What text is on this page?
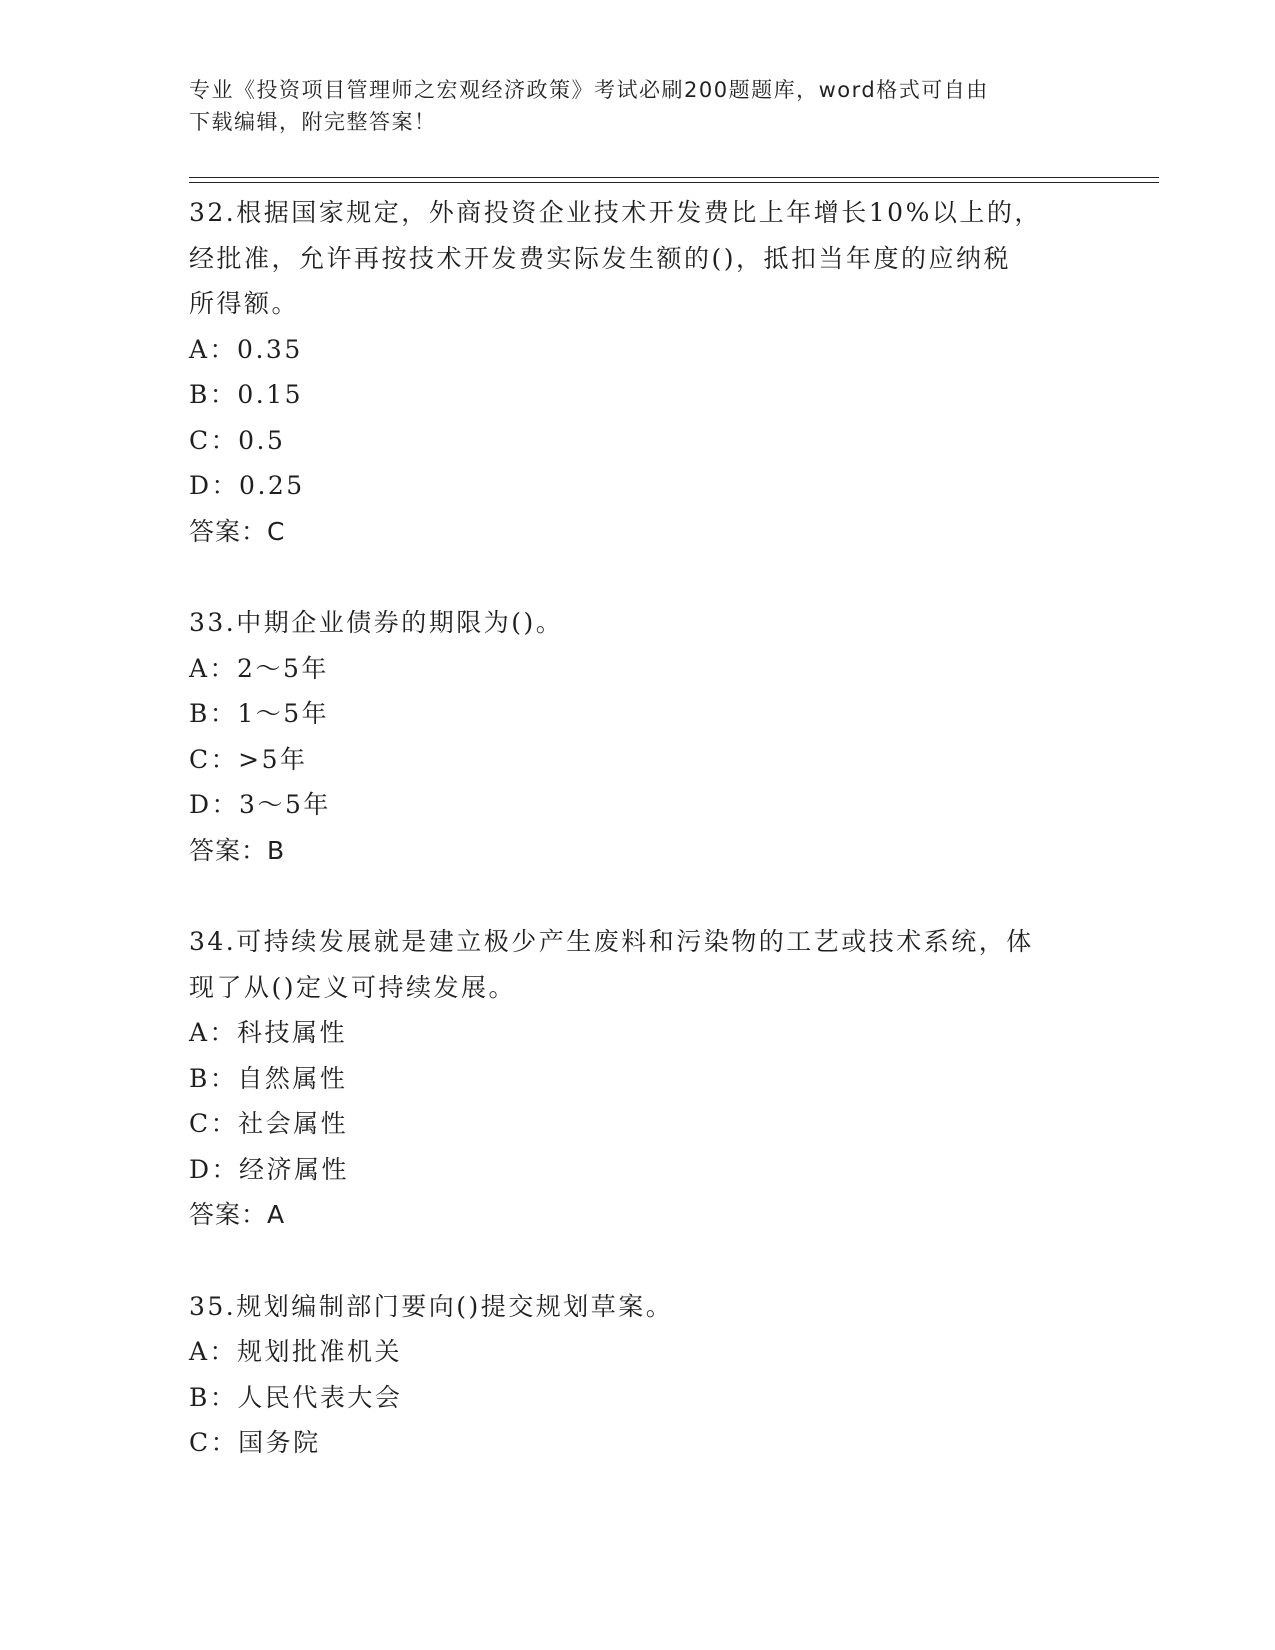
专业《投资项目管理师之宏观经济政策》考试必刷200题题库，word格式可自由
下载编辑，附完整答案！
32.根据国家规定，外商投资企业技术开发费比上年增长10%以上的，
经批准，允许再按技术开发费实际发生额的()，抵扣当年度的应纳税
所得额。
A：0.35
B：0.15
C：0.5
D：0.25
答案：C
33.中期企业债券的期限为()。
A：2～5年
B：1～5年
C：>5年
D：3～5年
答案：B
34.可持续发展就是建立极少产生废料和污染物的工艺或技术系统，体
现了从()定义可持续发展。
A：科技属性
B：自然属性
C：社会属性
D：经济属性
答案：A
35.规划编制部门要向()提交规划草案。
A：规划批准机关
B：人民代表大会
C：国务院
